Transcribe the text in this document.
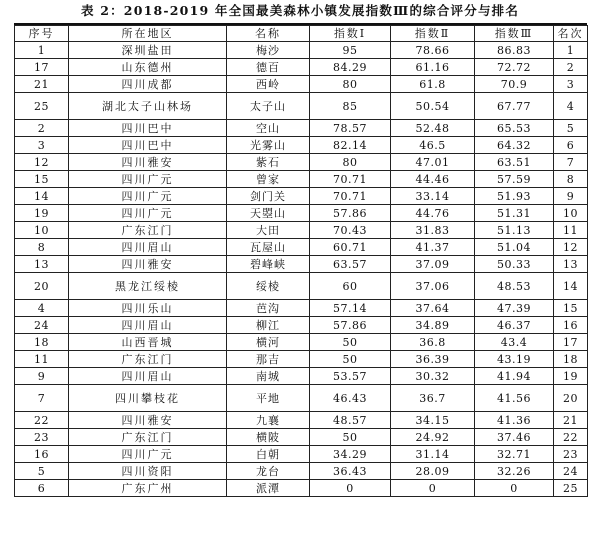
表 2：2018-2019 年全国最美森林小镇发展指数Ⅲ的综合评分与排名
序号	所在地区	名称	指数Ⅰ	指数Ⅱ	指数Ⅲ	名次
1	深圳盐田	梅沙	95	78.66	86.83	1
17	山东德州	德百	84.29	61.16	72.72	2
21	四川成都	西岭	80	61.8	70.9	3
25	湖北太子山林场	太子山	85	50.54	67.77	4
2	四川巴中	空山	78.57	52.48	65.53	5
3	四川巴中	光雾山	82.14	46.5	64.32	6
12	四川雅安	紫石	80	47.01	63.51	7
15	四川广元	曾家	70.71	44.46	57.59	8
14	四川广元	剑门关	70.71	33.14	51.93	9
19	四川广元	天曌山	57.86	44.76	51.31	10
10	广东江门	大田	70.43	31.83	51.13	11
8	四川眉山	瓦屋山	60.71	41.37	51.04	12
13	四川雅安	碧峰峡	63.57	37.09	50.33	13
20	黑龙江绥棱	绥棱	60	37.06	48.53	14
4	四川乐山	芭沟	57.14	37.64	47.39	15
24	四川眉山	柳江	57.86	34.89	46.37	16
18	山西晋城	横河	50	36.8	43.4	17
11	广东江门	那吉	50	36.39	43.19	18
9	四川眉山	南城	53.57	30.32	41.94	19
7	四川攀枝花	平地	46.43	36.7	41.56	20
22	四川雅安	九襄	48.57	34.15	41.36	21
23	广东江门	横陂	50	24.92	37.46	22
16	四川广元	白朝	34.29	31.14	32.71	23
5	四川资阳	龙台	36.43	28.09	32.26	24
6	广东广州	派潭	0	0	0	25
